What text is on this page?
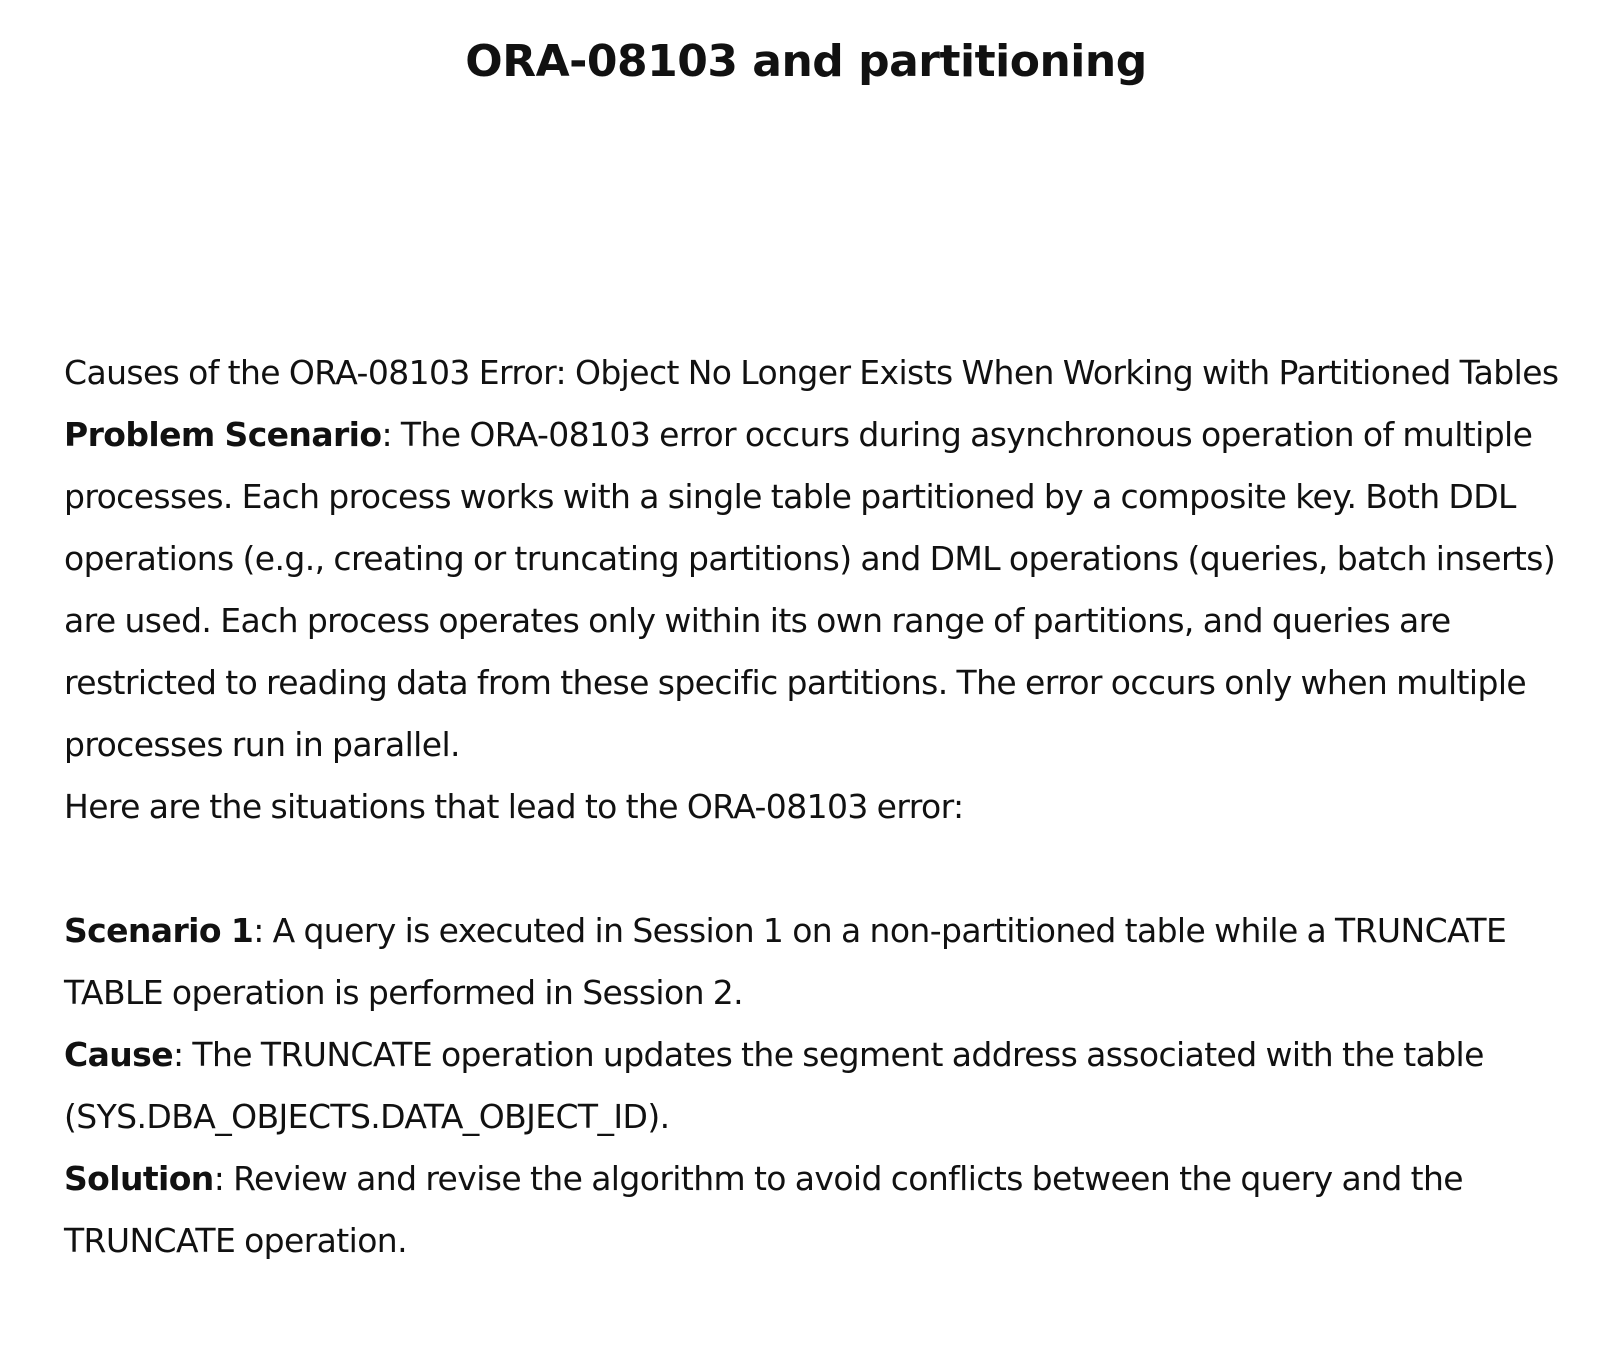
ORA-08103 and partitioning

Causes of the ORA-08103 Error: Object No Longer Exists When Working with Partitioned Tables

Problem Scenario: The ORA-08103 error occurs during asynchronous operation of multiple processes. Each process works with a single table partitioned by a composite key. Both DDL operations (e.g., creating or truncating partitions) and DML operations (queries, batch inserts) are used. Each process operates only within its own range of partitions, and queries are restricted to reading data from these specific partitions. The error occurs only when multiple processes run in parallel.

Here are the situations that lead to the ORA-08103 error:

Scenario 1: A query is executed in Session 1 on a non-partitioned table while a TRUNCATE TABLE operation is performed in Session 2.

Cause: The TRUNCATE operation updates the segment address associated with the table (SYS.DBA_OBJECTS.DATA_OBJECT_ID).

Solution: Review and revise the algorithm to avoid conflicts between the query and the TRUNCATE operation.
